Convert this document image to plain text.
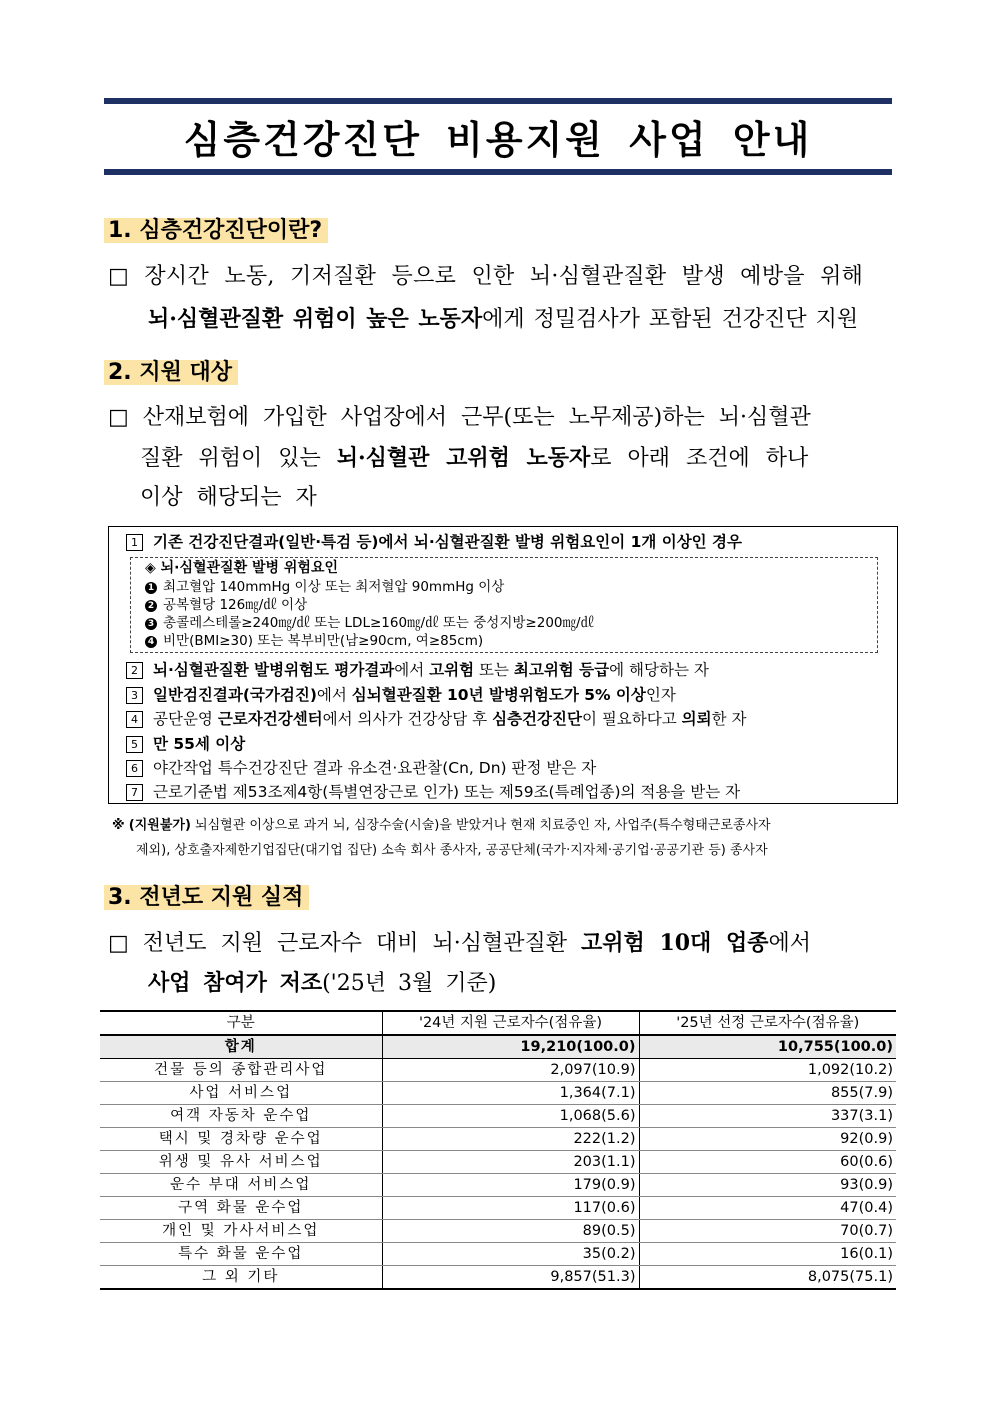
심층건강진단 비용지원 사업 안내
1. 심층건강진단이란?
□ 장시간 노동, 기저질환 등으로 인한 뇌·심혈관질환 발생 예방을 위해
뇌·심혈관질환 위험이 높은 노동자에게 정밀검사가 포함된 건강진단 지원
2. 지원 대상
□ 산재보험에 가입한 사업장에서 근무(또는 노무제공)하는 뇌·심혈관
질환 위험이 있는 뇌·심혈관 고위험 노동자로 아래 조건에 하나
이상 해당되는 자
1 기존 건강진단결과(일반·특검 등)에서 뇌·심혈관질환 발병 위험요인이 1개 이상인 경우
◈ 뇌·심혈관질환 발병 위험요인
1 최고혈압 140mmHg 이상 또는 최저혈압 90mmHg 이상
2 공복혈당 126㎎/㎗ 이상
3 총콜레스테롤≥240㎎/㎗ 또는 LDL≥160㎎/㎗ 또는 중성지방≥200㎎/㎗
4 비만(BMI≥30) 또는 복부비만(남≥90cm, 여≥85cm)
2 뇌·심혈관질환 발병위험도 평가결과에서 고위험 또는 최고위험 등급에 해당하는 자
3 일반검진결과(국가검진)에서 심뇌혈관질환 10년 발병위험도가 5% 이상인자
4 공단운영 근로자건강센터에서 의사가 건강상담 후 심층건강진단이 필요하다고 의뢰한 자
5 만 55세 이상
6 야간작업 특수건강진단 결과 유소견·요관찰(Cn, Dn) 판정 받은 자
7 근로기준법 제53조제4항(특별연장근로 인가) 또는 제59조(특례업종)의 적용을 받는 자
※ (지원불가) 뇌심혈관 이상으로 과거 뇌, 심장수술(시술)을 받았거나 현재 치료중인 자, 사업주(특수형태근로종사자
제외), 상호출자제한기업집단(대기업 집단) 소속 회사 종사자, 공공단체(국가·지자체·공기업·공공기관 등) 종사자
3. 전년도 지원 실적
□ 전년도 지원 근로자수 대비 뇌·심혈관질환 고위험 10대 업종에서
사업 참여가 저조('25년 3월 기준)
구분	'24년 지원 근로자수(점유율)	'25년 선정 근로자수(점유율)
합계	19,210(100.0)	10,755(100.0)
건물 등의 종합관리사업	2,097(10.9)	1,092(10.2)
사업 서비스업	1,364(7.1)	855(7.9)
여객 자동차 운수업	1,068(5.6)	337(3.1)
택시 및 경차량 운수업	222(1.2)	92(0.9)
위생 및 유사 서비스업	203(1.1)	60(0.6)
운수 부대 서비스업	179(0.9)	93(0.9)
구역 화물 운수업	117(0.6)	47(0.4)
개인 및 가사서비스업	89(0.5)	70(0.7)
특수 화물 운수업	35(0.2)	16(0.1)
그 외 기타	9,857(51.3)	8,075(75.1)
